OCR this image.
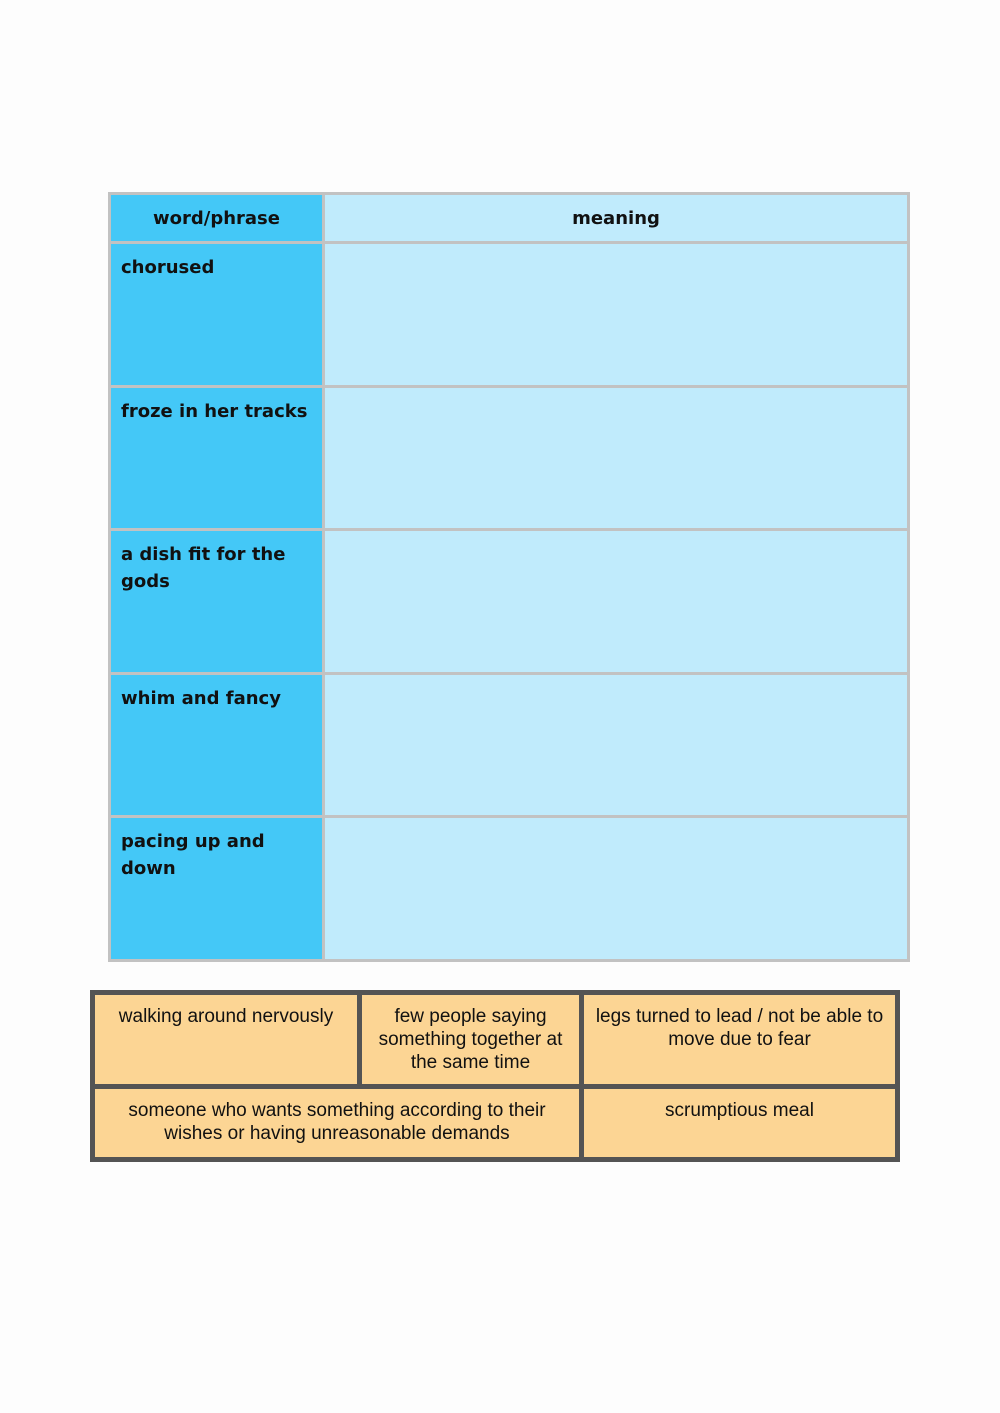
word/phrase	meaning
chorused
froze in her tracks
a dish fit for the gods
whim and fancy
pacing up and down
walking around nervously	few people saying something together at the same time
legs turned to lead / not be able to move due to fear
someone who wants something according to their wishes or having unreasonable demands
scrumptious meal
